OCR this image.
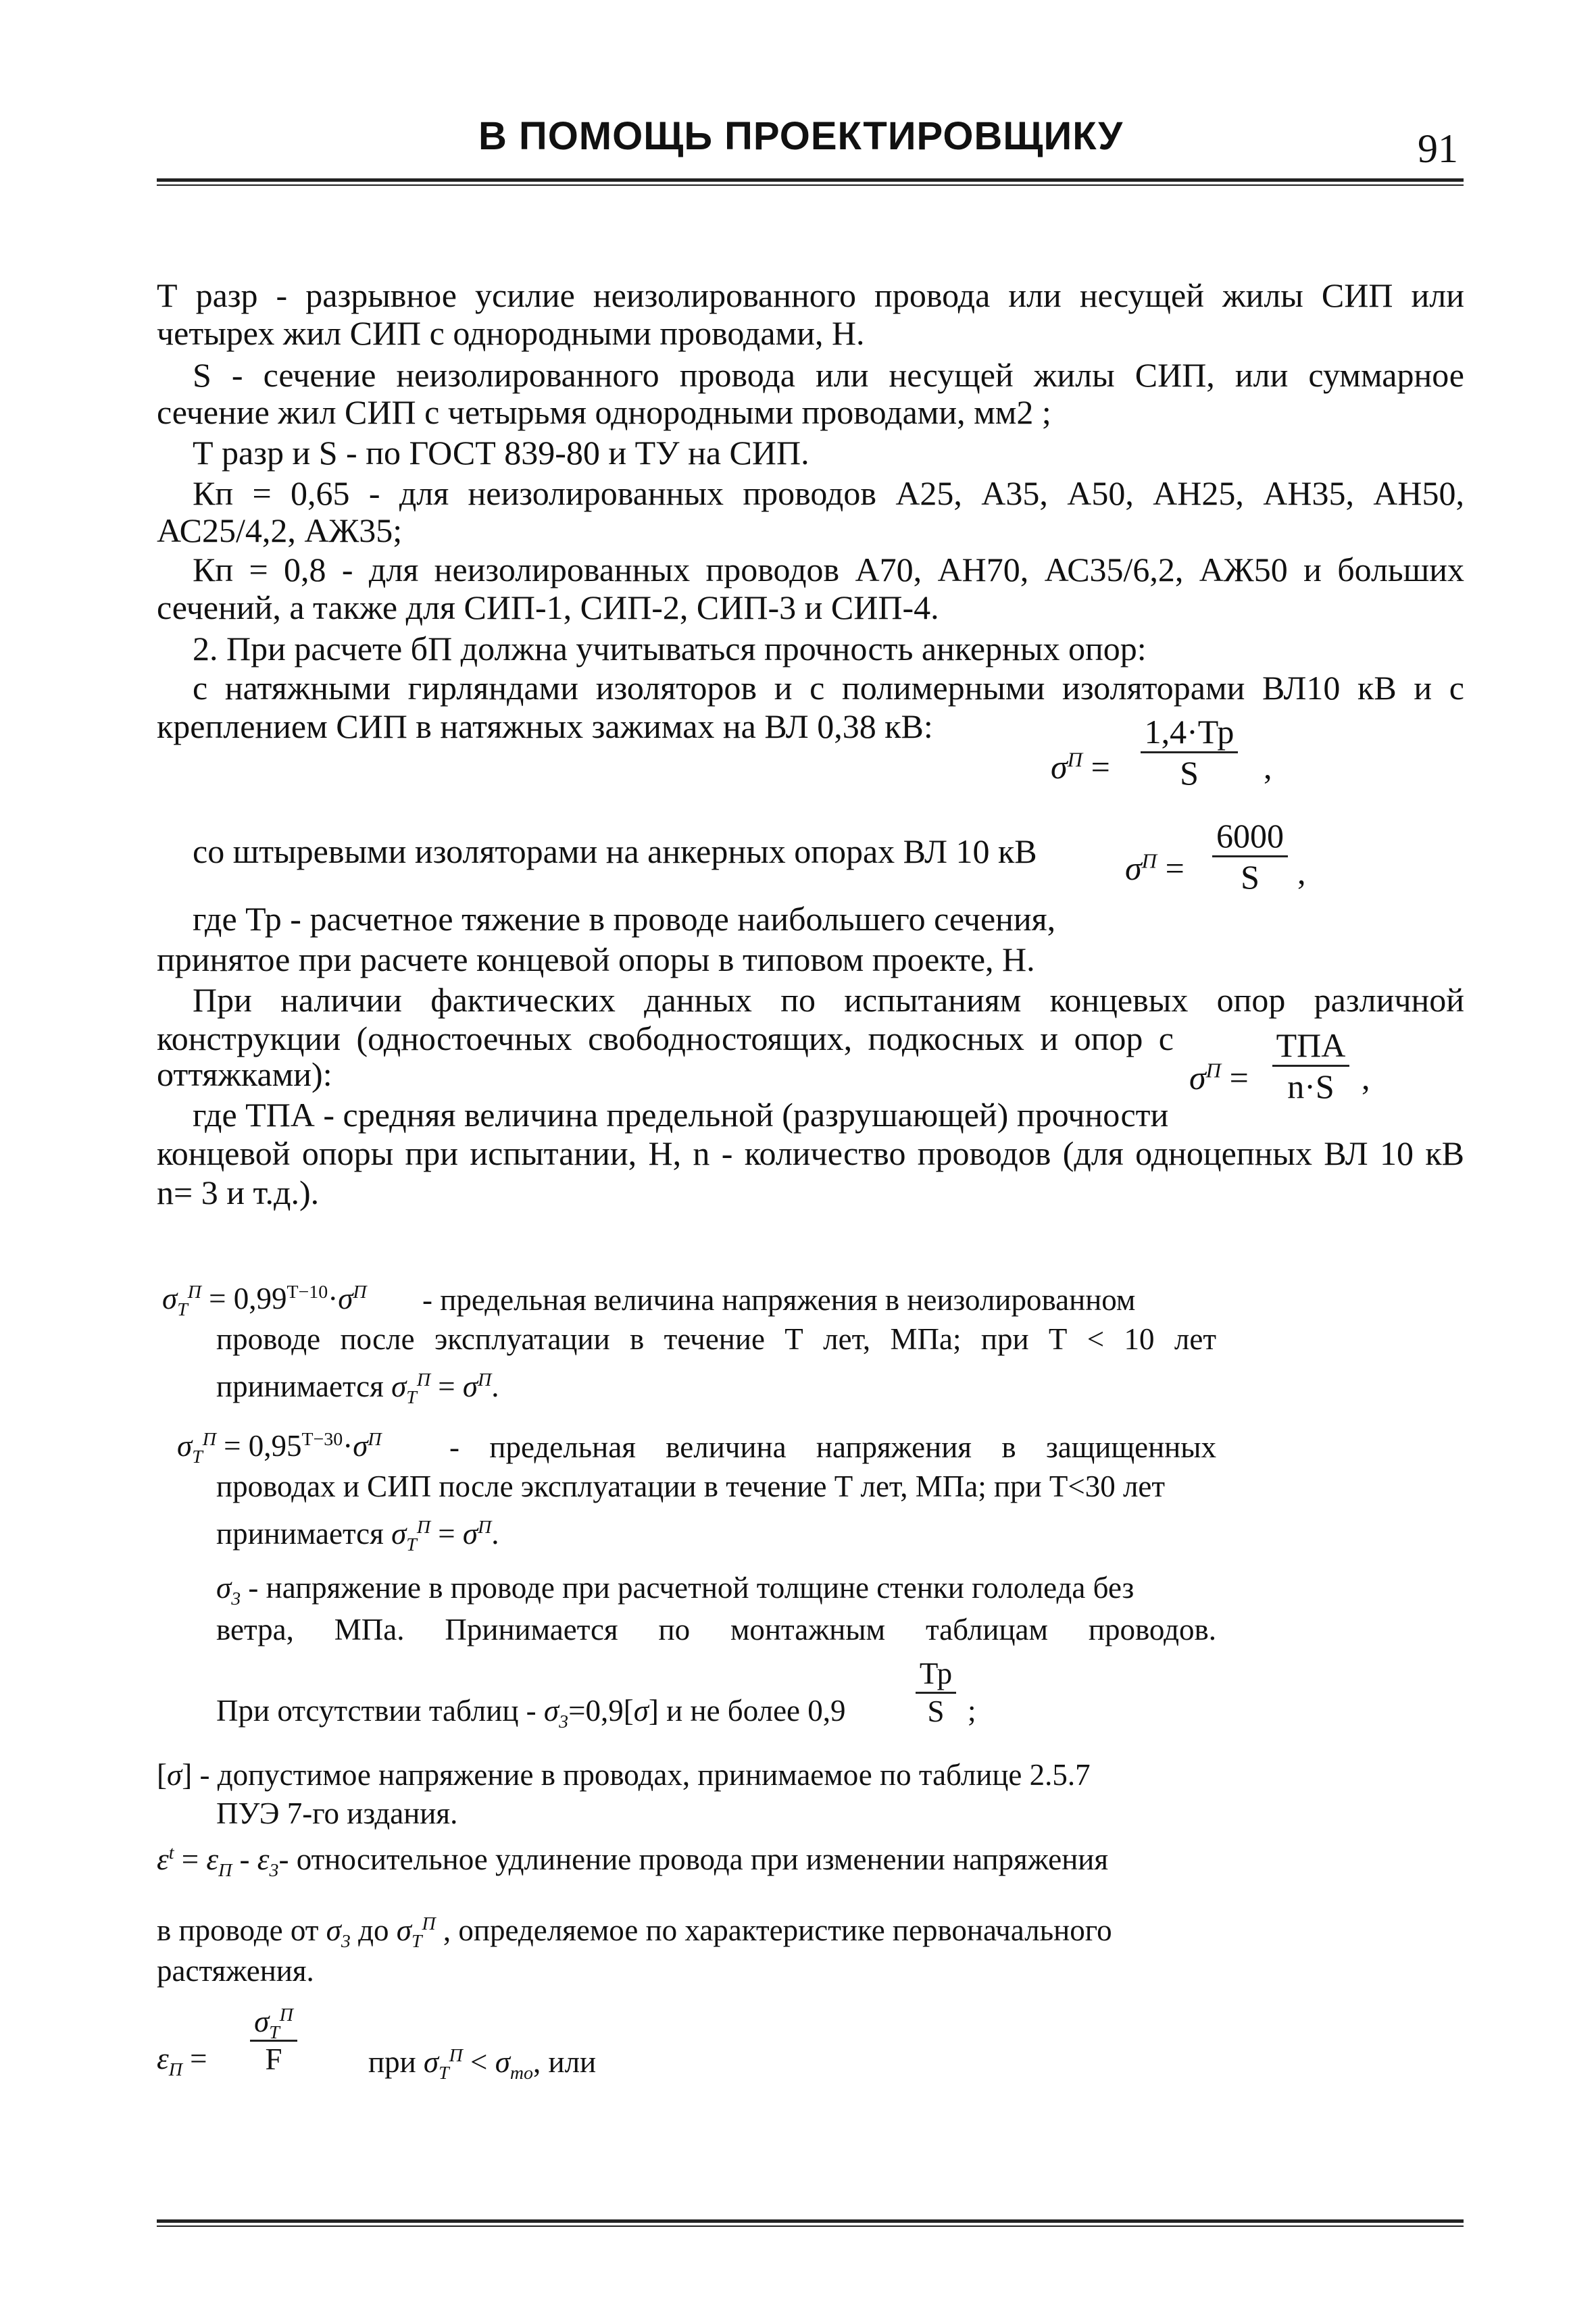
В ПОМОЩЬ ПРОЕКТИРОВЩИКУ	91
Т разр - разрывное усилие неизолированного провода или несущей жилы СИП или
четырех жил СИП с однородными проводами, Н.
S - сечение неизолированного провода или несущей жилы СИП, или суммарное
сечение жил СИП с четырьмя однородными проводами, мм2 ;
Т разр и S - по ГОСТ 839-80 и ТУ на СИП.
Кп = 0,65 - для неизолированных проводов А25, А35, А50, АН25, АН35, АН50,
АС25/4,2, АЖ35;
Кп = 0,8 - для неизолированных проводов А70, АН70, АС35/6,2, АЖ50 и больших
сечений, а также для СИП-1, СИП-2, СИП-3 и СИП-4.
2. При расчете бП должна учитываться прочность анкерных опор:
с натяжными гирляндами изоляторов и с полимерными изоляторами ВЛ10 кВ и с
креплением СИП в натяжных зажимах на ВЛ 0,38 кВ:
$\sigma^П$ =
1,4·Тр
S	,
со штыревыми изоляторами на анкерных опорах ВЛ 10 кВ	$\sigma^П = \frac{6000}{S}$ ,
где Тр - расчетное тяжение в проводе наибольшего сечения,
принятое при расчете концевой опоры в типовом проекте, Н.
При наличии фактических данных по испытаниям концевых опор различной
конструкции (одностоечных свободностоящих, подкосных и опор с
оттяжками):	$\sigma^П$ =
ТПА
n·S ,
где ТПА - средняя величина предельной (разрушающей) прочности
концевой опоры при испытании, Н, n - количество проводов (для одноцепных ВЛ 10 кВ
n= 3 и т.д.).
$\sigma_T^П = 0,99^{Т-10}\cdot\sigma^П$ - предельная величина напряжения в неизолированном
проводе после эксплуатации в течение Т лет, МПа; при Т < 10 лет
принимается $\sigma_T^П = \sigma^П$.
$\sigma_T^П = 0,95^{Т-30}\cdot\sigma^П$ - предельная величина напряжения в защищенных
проводах и СИП после эксплуатации в течение Т лет, МПа; при Т<30 лет
принимается $\sigma_T^П = \sigma^П$.
$\sigma_3$ - напряжение в проводе при расчетной толщине стенки гололеда без
ветра, МПа. Принимается по монтажным таблицам проводов.
При отсутствии таблиц - $\sigma_3=0,9[\sigma]$ и не более 0,9
Тр
S ;
[σ] - допустимое напряжение в проводах, принимаемое по таблице 2.5.7
ПУЭ 7-го издания.
$\varepsilon^t = \varepsilon_П - \varepsilon_3-$ относительное удлинение провода при изменении напряжения
в проводе от $\sigma_3$ до $\sigma_T^П$ , определяемое по характеристике первоначального
растяжения.
$\varepsilon_П$ =
$\sigma_T^П$
F	при $\sigma_T^П < \sigma_{то}$, или
